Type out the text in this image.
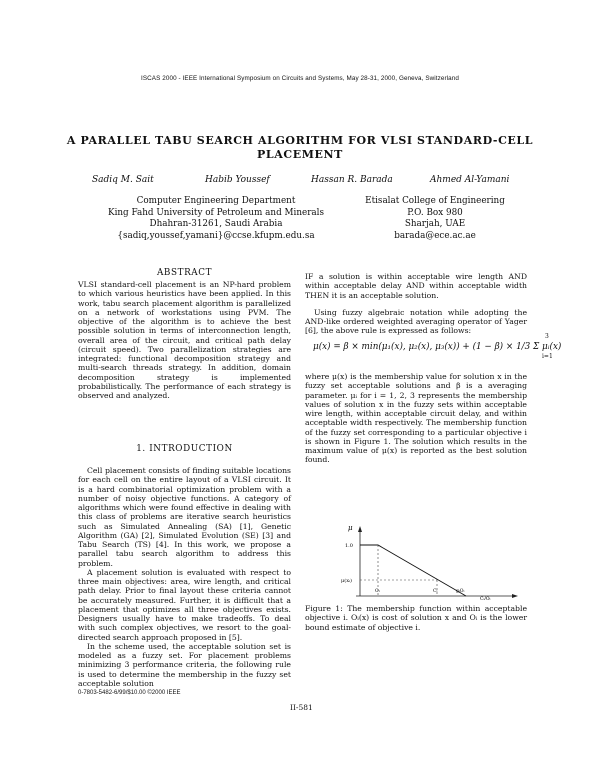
ISCAS 2000 - IEEE International Symposium on Circuits and Systems, May 28-31, 2000, Geneva, Switzerland
A PARALLEL TABU SEARCH ALGORITHM FOR VLSI STANDARD-CELL
PLACEMENT
Sadiq M. Sait	Habib Youssef	Hassan R. Barada	Ahmed Al-Yamani
Computer Engineering Department
King Fahd University of Petroleum and Minerals
Dhahran-31261, Saudi Arabia
{sadiq,youssef,yamani}@ccse.kfupm.edu.sa
Etisalat College of Engineering
P.O. Box 980
Sharjah, UAE
barada@ece.ac.ae
ABSTRACT

VLSI standard-cell placement is an NP-hard problem to which various heuristics have been applied. In this work, tabu search placement algorithm is parallelized on a network of workstations using PVM. The objective of the algorithm is to achieve the best possible solution in terms of interconnection length, overall area of the circuit, and critical path delay (circuit speed). Two parallelization strategies are integrated: functional decomposition strategy and multi-search threads strategy. In addition, domain decomposition strategy is implemented probabilistically. The performance of each strategy is observed and analyzed.

1. INTRODUCTION

Cell placement consists of finding suitable locations for each cell on the entire layout of a VLSI circuit. It is a hard combinatorial optimization problem with a number of noisy objective functions. A category of algorithms which were found effective in dealing with this class of problems are iterative search heuristics such as Simulated Annealing (SA) [1], Genetic Algorithm (GA) [2], Simulated Evolution (SE) [3] and Tabu Search (TS) [4]. In this work, we propose a parallel tabu search algorithm to address this problem.

A placement solution is evaluated with respect to three main objectives: area, wire length, and critical path delay. Prior to final layout these criteria cannot be accurately measured. Further, it is difficult that a placement that optimizes all three objectives exists. Designers usually have to make tradeoffs. To deal with such complex objectives, we resort to the goal-directed search approach proposed in [5].

In the scheme used, the acceptable solution set is modeled as a fuzzy set. For placement problems minimizing 3 performance criteria, the following rule is used to determine the membership in the fuzzy set acceptable solution

IF a solution is within acceptable wire length AND within acceptable delay AND within acceptable width THEN it is an acceptable solution.

Using fuzzy algebraic notation while adopting the AND-like ordered weighted averaging operator of Yager [6], the above rule is expressed as follows:

μ(x) = β × min(μ₁(x), μ₂(x), μ₃(x)) + (1 − β) × 1/3 Σ μᵢ(x)
3
i=1

where μ(x) is the membership value for solution x in the fuzzy set acceptable solutions and β is a averaging parameter. μᵢ for i = 1, 2, 3 represents the membership values of solution x in the fuzzy sets within acceptable wire length, within acceptable circuit delay, and within acceptable width respectively. The membership function of the fuzzy set corresponding to a particular objective i is shown in Figure 1. The solution which results in the maximum value of μ(x) is reported as the best solution found.

μ
1.0
μ(xᵢ)
Oᵢ	Cᵢ	gᵢOᵢ
Cᵢ/Oᵢ
Figure 1: The membership function within acceptable objective i. Oᵢ(x) is cost of solution x and Oᵢ is the lower bound estimate of objective i.
0-7803-5482-6/99/$10.00 ©2000 IEEE
II-581
